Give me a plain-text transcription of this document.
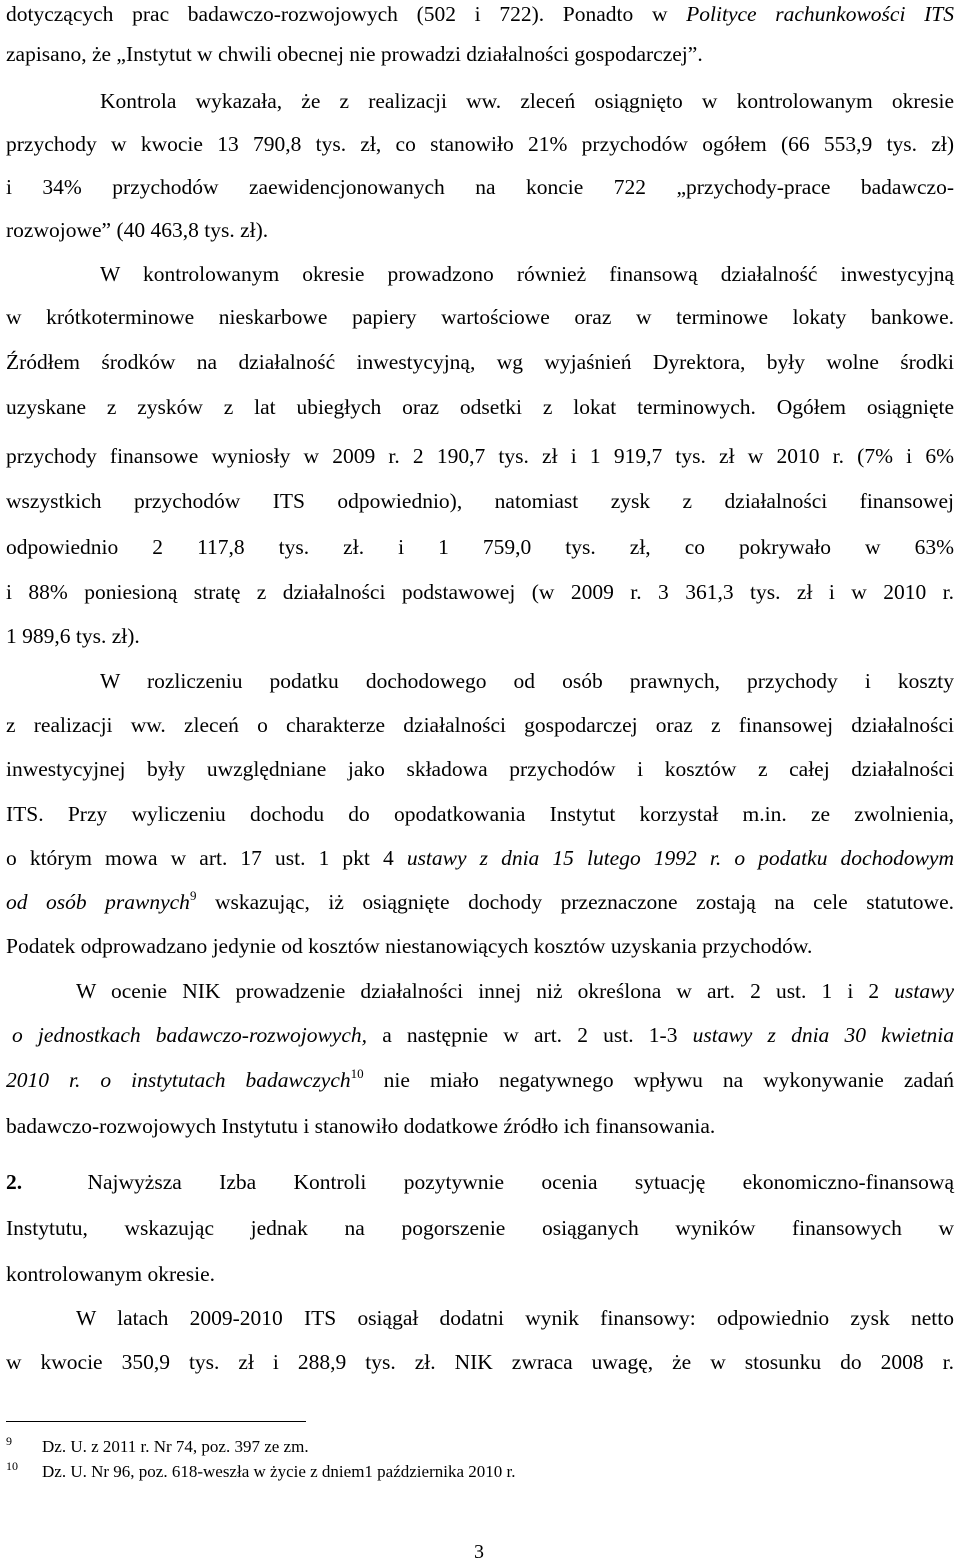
dotyczących prac badawczo-rozwojowych (502 i 722). Ponadto w Polityce rachunkowości ITS
zapisano, że „Instytut w chwili obecnej nie prowadzi działalności gospodarczej”.
Kontrola wykazała, że z realizacji ww. zleceń osiągnięto w kontrolowanym okresie
przychody w kwocie 13 790,8 tys. zł, co stanowiło 21% przychodów ogółem (66 553,9 tys. zł)
i 34% przychodów zaewidencjonowanych na koncie 722 „przychody-prace badawczo-
rozwojowe” (40 463,8 tys. zł).
W kontrolowanym okresie prowadzono również finansową działalność inwestycyjną
w krótkoterminowe nieskarbowe papiery wartościowe oraz w terminowe lokaty bankowe.
Źródłem środków na działalność inwestycyjną, wg wyjaśnień Dyrektora, były wolne środki
uzyskane z zysków z lat ubiegłych oraz odsetki z lokat terminowych. Ogółem osiągnięte
przychody finansowe wyniosły w 2009 r. 2 190,7 tys. zł i 1 919,7 tys. zł w 2010 r. (7% i 6%
wszystkich przychodów ITS odpowiednio), natomiast zysk z działalności finansowej
odpowiednio 2 117,8 tys. zł. i 1 759,0 tys. zł, co pokrywało w 63%
i 88% poniesioną stratę z działalności podstawowej (w 2009 r. 3 361,3 tys. zł i w 2010 r.
1 989,6 tys. zł).
W rozliczeniu podatku dochodowego od osób prawnych, przychody i koszty
z realizacji ww. zleceń o charakterze działalności gospodarczej oraz z finansowej działalności
inwestycyjnej były uwzględniane jako składowa przychodów i kosztów z całej działalności
ITS. Przy wyliczeniu dochodu do opodatkowania Instytut korzystał m.in. ze zwolnienia,
o którym mowa w art. 17 ust. 1 pkt 4 ustawy z dnia 15 lutego 1992 r. o podatku dochodowym
od osób prawnych$^9$ wskazując, iż osiągnięte dochody przeznaczone zostają na cele statutowe.
Podatek odprowadzano jedynie od kosztów niestanowiących kosztów uzyskania przychodów.
W ocenie NIK prowadzenie działalności innej niż określona w art. 2 ust. 1 i 2 ustawy
o jednostkach badawczo-rozwojowych, a następnie w art. 2 ust. 1-3 ustawy z dnia 30 kwietnia
2010 r. o instytutach badawczych$^{10}$ nie miało negatywnego wpływu na wykonywanie zadań
badawczo-rozwojowych Instytutu i stanowiło dodatkowe źródło ich finansowania.
2. Najwyższa Izba Kontroli pozytywnie ocenia sytuację ekonomiczno-finansową
Instytutu, wskazując jednak na pogorszenie osiąganych wyników finansowych w
kontrolowanym okresie.
W latach 2009-2010 ITS osiągał dodatni wynik finansowy: odpowiednio zysk netto
w kwocie 350,9 tys. zł i 288,9 tys. zł. NIK zwraca uwagę, że w stosunku do 2008 r.
9 Dz. U. z 2011 r. Nr 74, poz. 397 ze zm.
10 Dz. U. Nr 96, poz. 618-weszła w życie z dniem1 października 2010 r.
3
